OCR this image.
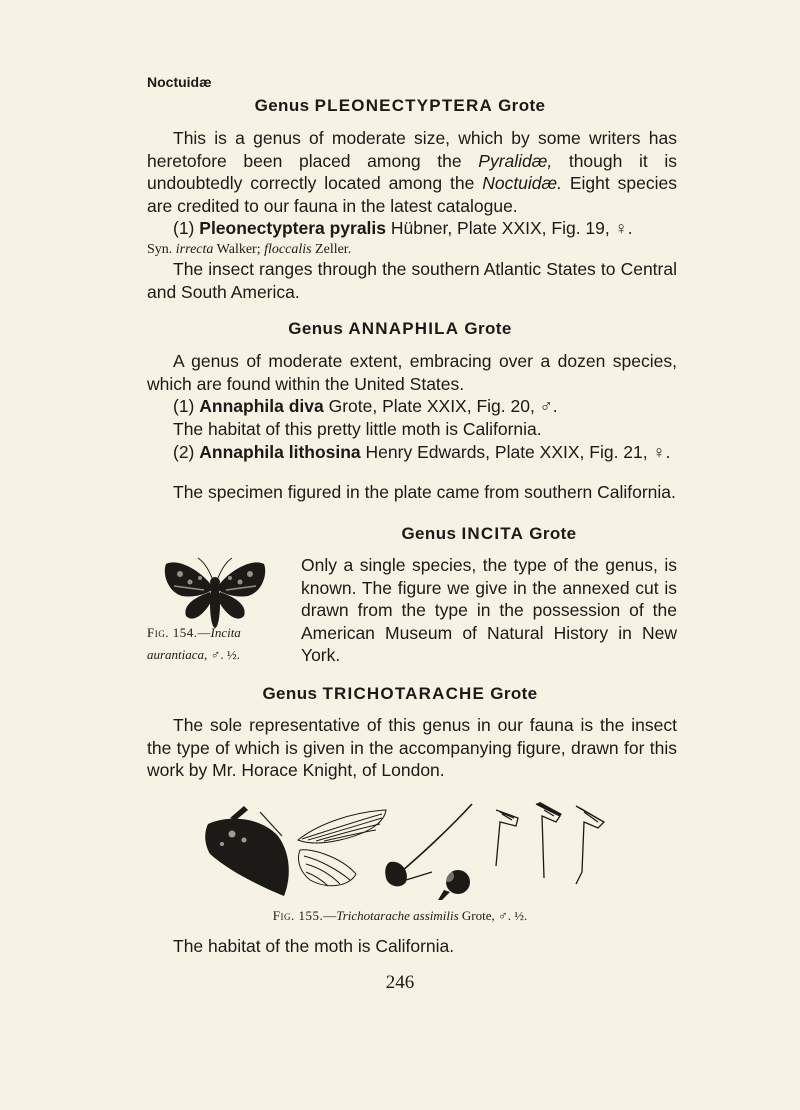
Noctuidæ
Genus PLEONECTYPTERA Grote
This is a genus of moderate size, which by some writers has heretofore been placed among the Pyralidæ, though it is undoubtedly correctly located among the Noctuidæ. Eight species are credited to our fauna in the latest catalogue.
(1) Pleonectyptera pyralis Hübner, Plate XXIX, Fig. 19, ♀.
Syn. irrecta Walker; floccalis Zeller.
The insect ranges through the southern Atlantic States to Central and South America.
Genus ANNAPHILA Grote
A genus of moderate extent, embracing over a dozen species, which are found within the United States.
(1) Annaphila diva Grote, Plate XXIX, Fig. 20, ♂.
The habitat of this pretty little moth is California.
(2) Annaphila lithosina Henry Edwards, Plate XXIX, Fig. 21, ♀.
The specimen figured in the plate came from southern California.
Genus INCITA Grote
Fig. 154.—Incita aurantiaca, ♂. ½.
Only a single species, the type of the genus, is known. The figure we give in the annexed cut is drawn from the type in the possession of the American Museum of Natural History in New York.
Genus TRICHOTARACHE Grote
The sole representative of this genus in our fauna is the insect the type of which is given in the accompanying figure, drawn for this work by Mr. Horace Knight, of London.
Fig. 155.—Trichotarache assimilis Grote, ♂. ½.
The habitat of the moth is California.
246
